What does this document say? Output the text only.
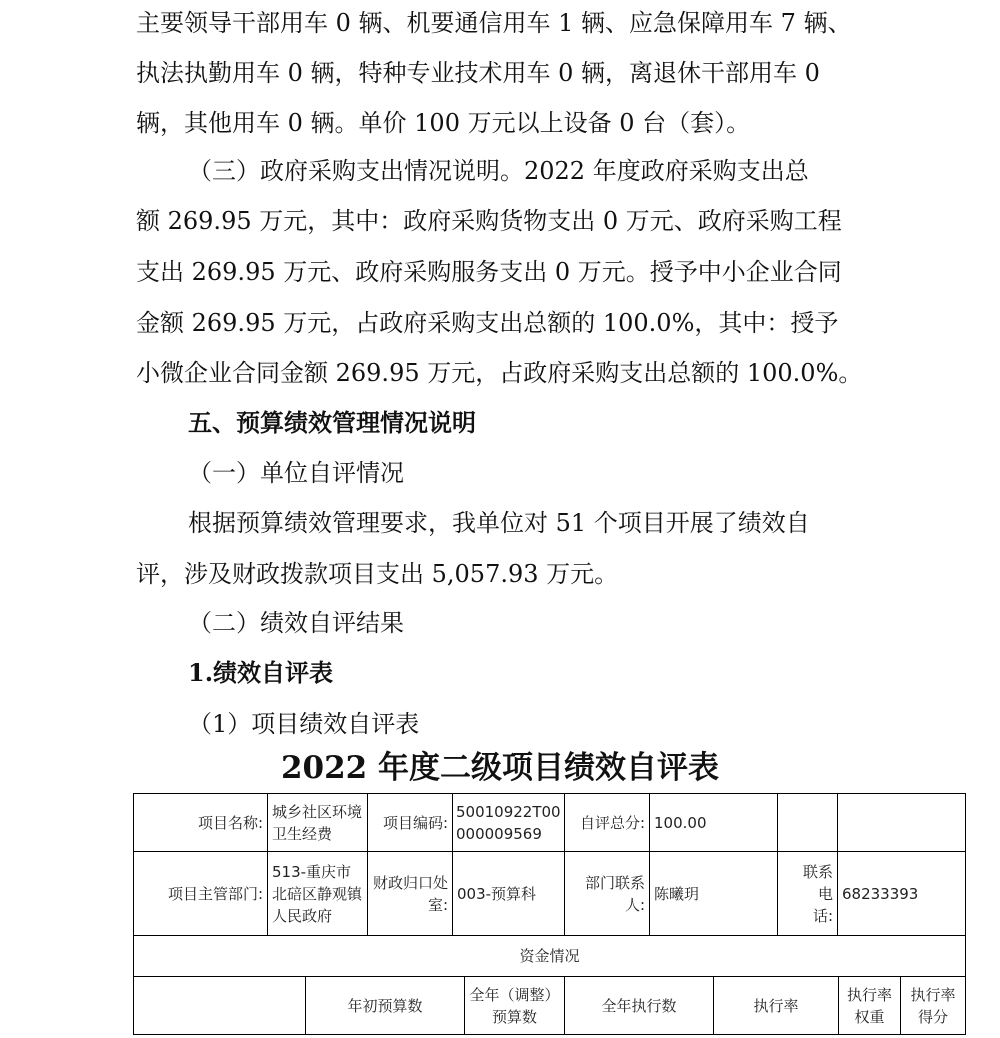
主要领导干部用车 0 辆、机要通信用车 1 辆、应急保障用车 7 辆、
执法执勤用车 0 辆，特种专业技术用车 0 辆，离退休干部用车 0
辆，其他用车 0 辆。单价 100 万元以上设备 0 台（套）。
（三）政府采购支出情况说明。2022 年度政府采购支出总
额 269.95 万元，其中：政府采购货物支出 0 万元、政府采购工程
支出 269.95 万元、政府采购服务支出 0 万元。授予中小企业合同
金额 269.95 万元，占政府采购支出总额的 100.0%，其中：授予
小微企业合同金额 269.95 万元，占政府采购支出总额的 100.0%。
五、预算绩效管理情况说明
（一）单位自评情况
根据预算绩效管理要求，我单位对 51 个项目开展了绩效自
评，涉及财政拨款项目支出 5,057.93 万元。
（二）绩效自评结果
1.绩效自评表
（1）项目绩效自评表
2022 年度二级项目绩效自评表
项目名称:
城乡社区环境卫生经费
项目编码:
50010922T00000009569
自评总分: 100.00
项目主管部门:
513-重庆市北碚区静观镇人民政府
财政归口处室:
003-预算科
部门联系人:
陈曦玥
联系电话:
68233393
资金情况
年初预算数
全年（调整）预算数
全年执行数	执行率
执行率权重
执行率得分
